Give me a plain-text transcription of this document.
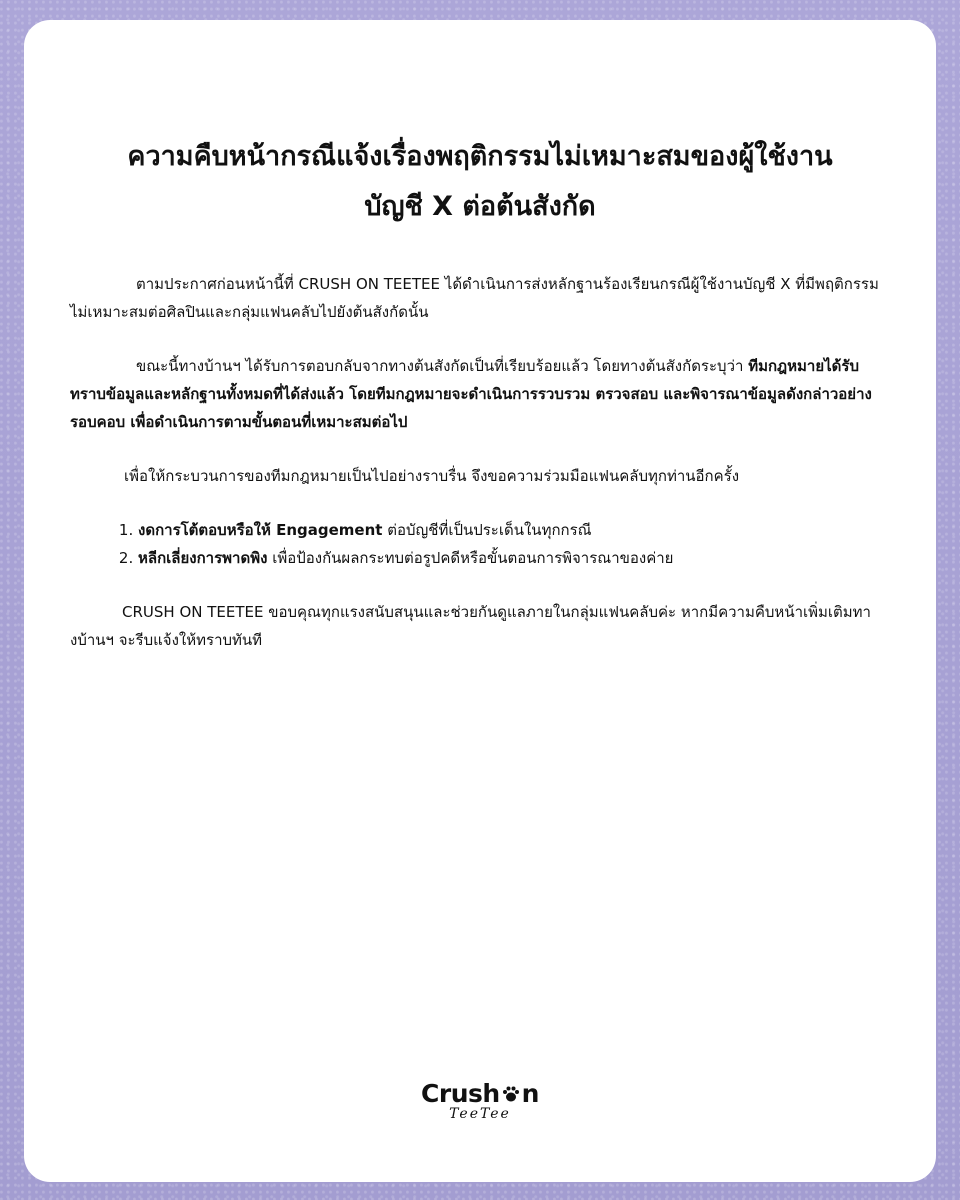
ความคืบหน้ากรณีแจ้งเรื่องพฤติกรรมไม่เหมาะสมของผู้ใช้งาน
บัญชี X ต่อต้นสังกัด

ตามประกาศก่อนหน้านี้ที่ CRUSH ON TEETEE ได้ดำเนินการส่งหลักฐานร้องเรียนกรณีผู้ใช้งานบัญชี X ที่มีพฤติกรรมไม่เหมาะสมต่อศิลปินและกลุ่มแฟนคลับไปยังต้นสังกัดนั้น

ขณะนี้ทางบ้านฯ ได้รับการตอบกลับจากทางต้นสังกัดเป็นที่เรียบร้อยแล้ว โดยทางต้นสังกัดระบุว่า ทีมกฎหมายได้รับทราบข้อมูลและหลักฐานทั้งหมดที่ได้ส่งแล้ว โดยทีมกฎหมายจะดำเนินการรวบรวม ตรวจสอบ และพิจารณาข้อมูลดังกล่าวอย่างรอบคอบ เพื่อดำเนินการตามขั้นตอนที่เหมาะสมต่อไป

เพื่อให้กระบวนการของทีมกฎหมายเป็นไปอย่างราบรื่น จึงขอความร่วมมือแฟนคลับทุกท่านอีกครั้ง

1. งดการโต้ตอบหรือให้ Engagement ต่อบัญชีที่เป็นประเด็นในทุกกรณี
2. หลีกเลี่ยงการพาดพิง เพื่อป้องกันผลกระทบต่อรูปคดีหรือขั้นตอนการพิจารณาของค่าย

CRUSH ON TEETEE ขอบคุณทุกแรงสนับสนุนและช่วยกันดูแลภายในกลุ่มแฟนคลับค่ะ หากมีความคืบหน้าเพิ่มเติมทางบ้านฯ จะรีบแจ้งให้ทราบทันที

Crush n
TeeTee
